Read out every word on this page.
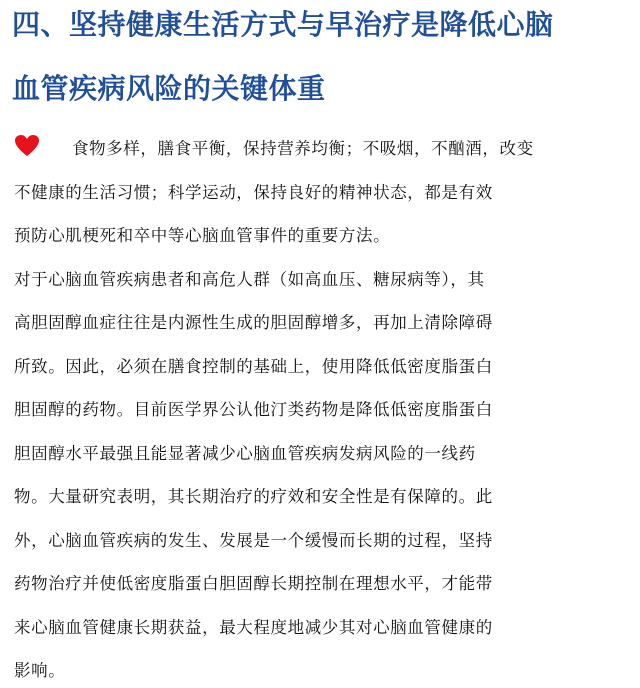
四、坚持健康生活方式与早治疗是降低心脑
血管疾病风险的关键体重
食物多样，膳食平衡，保持营养均衡；不吸烟，不酗酒，改变
不健康的生活习惯；科学运动，保持良好的精神状态，都是有效
预防心肌梗死和卒中等心脑血管事件的重要方法。
对于心脑血管疾病患者和高危人群（如高血压、糖尿病等），其
高胆固醇血症往往是内源性生成的胆固醇增多，再加上清除障碍
所致。因此，必须在膳食控制的基础上，使用降低低密度脂蛋白
胆固醇的药物。目前医学界公认他汀类药物是降低低密度脂蛋白
胆固醇水平最强且能显著减少心脑血管疾病发病风险的一线药
物。大量研究表明，其长期治疗的疗效和安全性是有保障的。此
外，心脑血管疾病的发生、发展是一个缓慢而长期的过程，坚持
药物治疗并使低密度脂蛋白胆固醇长期控制在理想水平，才能带
来心脑血管健康长期获益，最大程度地减少其对心脑血管健康的
影响。
